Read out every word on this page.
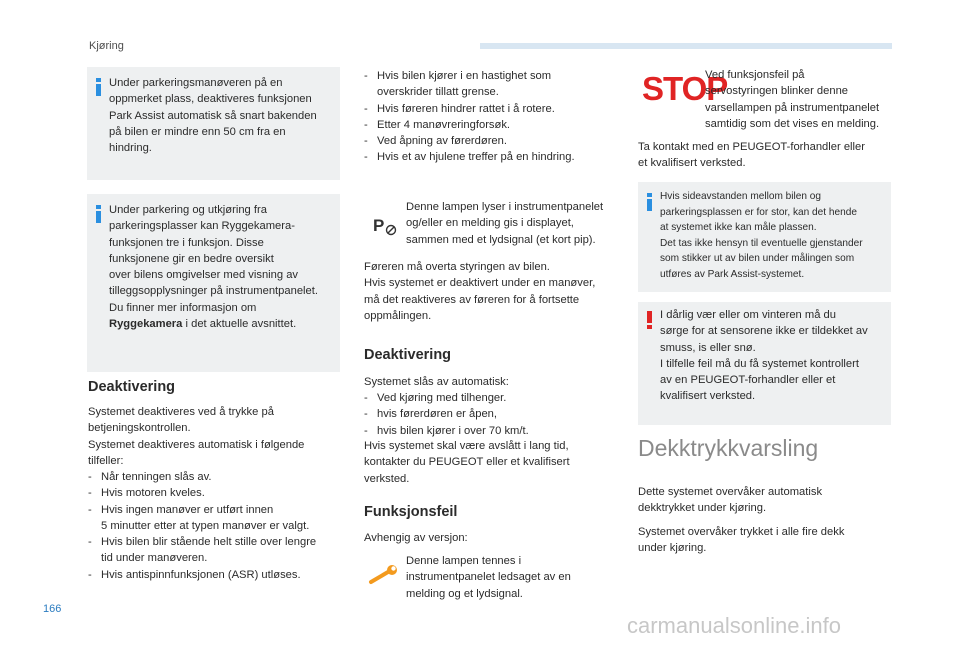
Kjøring
Under parkeringsmanøveren på en
oppmerket plass, deaktiveres funksjonen
Park Assist automatisk så snart bakenden
på bilen er mindre enn 50 cm fra en
hindring.
Under parkering og utkjøring fra
parkeringsplasser kan Ryggekamera-
funksjonen tre i funksjon. Disse
funksjonene gir en bedre oversikt
over bilens omgivelser med visning av
tilleggsopplysninger på instrumentpanelet.
Du finner mer informasjon om
Ryggekamera i det aktuelle avsnittet.
Deaktivering
Systemet deaktiveres ved å trykke på
betjeningskontrollen.
Systemet deaktiveres automatisk i følgende
tilfeller:
- Når tenningen slås av.
- Hvis motoren kveles.
- Hvis ingen manøver er utført innen
5 minutter etter at typen manøver er valgt.
- Hvis bilen blir stående helt stille over lengre
tid under manøveren.
- Hvis antispinnfunksjonen (ASR) utløses.
- Hvis bilen kjører i en hastighet som
overskrider tillatt grense.
- Hvis føreren hindrer rattet i å rotere.
- Etter 4 manøvreringforsøk.
- Ved åpning av førerdøren.
- Hvis et av hjulene treffer på en hindring.
P
Denne lampen lyser i instrumentpanelet
og/eller en melding gis i displayet,
sammen med et lydsignal (et kort pip).
Føreren må overta styringen av bilen.
Hvis systemet er deaktivert under en manøver,
må det reaktiveres av føreren for å fortsette
oppmålingen.
Deaktivering
Systemet slås av automatisk:
- Ved kjøring med tilhenger.
- hvis førerdøren er åpen,
- hvis bilen kjører i over 70 km/t.
Hvis systemet skal være avslått i lang tid,
kontakter du PEUGEOT eller et kvalifisert
verksted.
Funksjonsfeil
Avhengig av versjon:
Denne lampen tennes i
instrumentpanelet ledsaget av en
melding og et lydsignal.
STOP
Ved funksjonsfeil på
servostyringen blinker denne
varsellampen på instrumentpanelet
samtidig som det vises en melding.
Ta kontakt med en PEUGEOT-forhandler eller
et kvalifisert verksted.
Hvis sideavstanden mellom bilen og
parkeringsplassen er for stor, kan det hende
at systemet ikke kan måle plassen.
Det tas ikke hensyn til eventuelle gjenstander
som stikker ut av bilen under målingen som
utføres av Park Assist-systemet.
I dårlig vær eller om vinteren må du
sørge for at sensorene ikke er tildekket av
smuss, is eller snø.
I tilfelle feil må du få systemet kontrollert
av en PEUGEOT-forhandler eller et
kvalifisert verksted.
Dekktrykkvarsling
Dette systemet overvåker automatisk
dekktrykket under kjøring.
Systemet overvåker trykket i alle fire dekk
under kjøring.
166
carmanualsonline.info
